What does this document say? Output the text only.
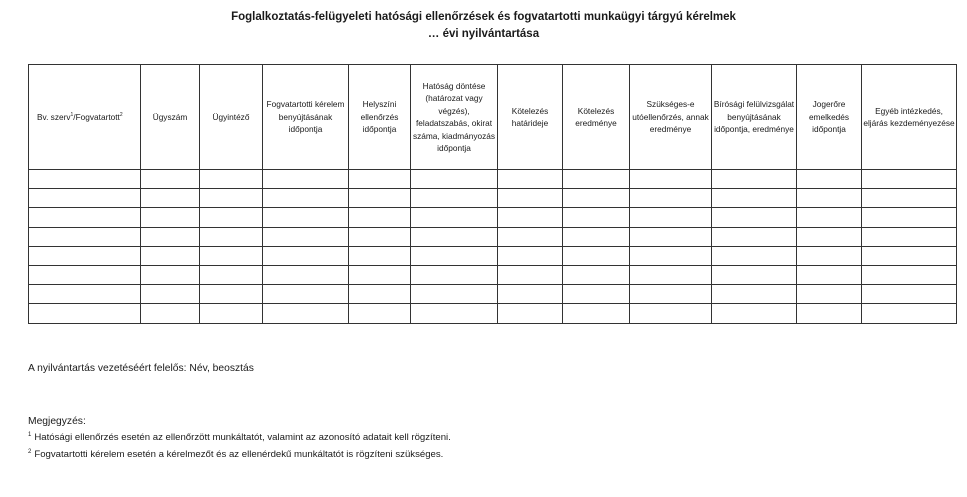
Foglalkoztatás-felügyeleti hatósági ellenőrzések és fogvatartotti munkaügyi tárgyú kérelmek
… évi nyilvántartása
Bv. szerv$^1$/Fogvatartott$^2$	Ügyszám	Ügyintéző	Fogvatartotti kérelem benyújtásának időpontja	Helyszíni ellenőrzés időpontja	Hatóság döntése (határozat vagy végzés), feladatszabás, okirat száma, kiadmányozás időpontja	Kötelezés határideje	Kötelezés eredménye	Szükséges-e utóellenőrzés, annak eredménye	Bírósági felülvizsgálat benyújtásának időpontja, eredménye	Jogerőre emelkedés időpontja	Egyéb intézkedés, eljárás kezdeményezése

A nyilvántartás vezetéséért felelős: Név, beosztás
Megjegyzés:
$^1$ Hatósági ellenőrzés esetén az ellenőrzött munkáltatót, valamint az azonosító adatait kell rögzíteni.
$^2$ Fogvatartotti kérelem esetén a kérelmezőt és az ellenérdekű munkáltatót is rögzíteni szükséges.
